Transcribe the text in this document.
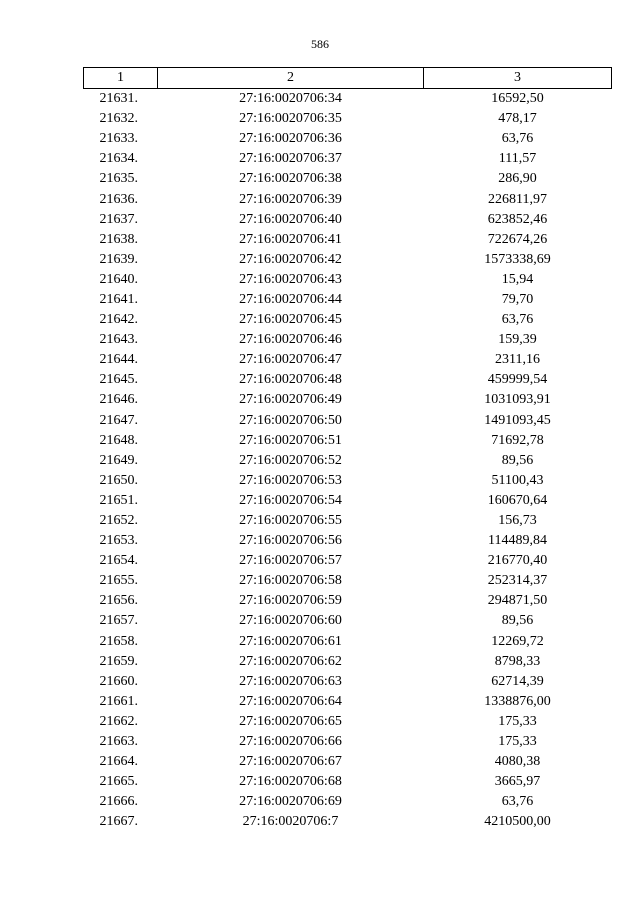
586
1	2	3
21631.	27:16:0020706:34	16592,50
21632.	27:16:0020706:35	478,17
21633.	27:16:0020706:36	63,76
21634.	27:16:0020706:37	111,57
21635.	27:16:0020706:38	286,90
21636.	27:16:0020706:39	226811,97
21637.	27:16:0020706:40	623852,46
21638.	27:16:0020706:41	722674,26
21639.	27:16:0020706:42	1573338,69
21640.	27:16:0020706:43	15,94
21641.	27:16:0020706:44	79,70
21642.	27:16:0020706:45	63,76
21643.	27:16:0020706:46	159,39
21644.	27:16:0020706:47	2311,16
21645.	27:16:0020706:48	459999,54
21646.	27:16:0020706:49	1031093,91
21647.	27:16:0020706:50	1491093,45
21648.	27:16:0020706:51	71692,78
21649.	27:16:0020706:52	89,56
21650.	27:16:0020706:53	51100,43
21651.	27:16:0020706:54	160670,64
21652.	27:16:0020706:55	156,73
21653.	27:16:0020706:56	114489,84
21654.	27:16:0020706:57	216770,40
21655.	27:16:0020706:58	252314,37
21656.	27:16:0020706:59	294871,50
21657.	27:16:0020706:60	89,56
21658.	27:16:0020706:61	12269,72
21659.	27:16:0020706:62	8798,33
21660.	27:16:0020706:63	62714,39
21661.	27:16:0020706:64	1338876,00
21662.	27:16:0020706:65	175,33
21663.	27:16:0020706:66	175,33
21664.	27:16:0020706:67	4080,38
21665.	27:16:0020706:68	3665,97
21666.	27:16:0020706:69	63,76
21667.	27:16:0020706:7	4210500,00
